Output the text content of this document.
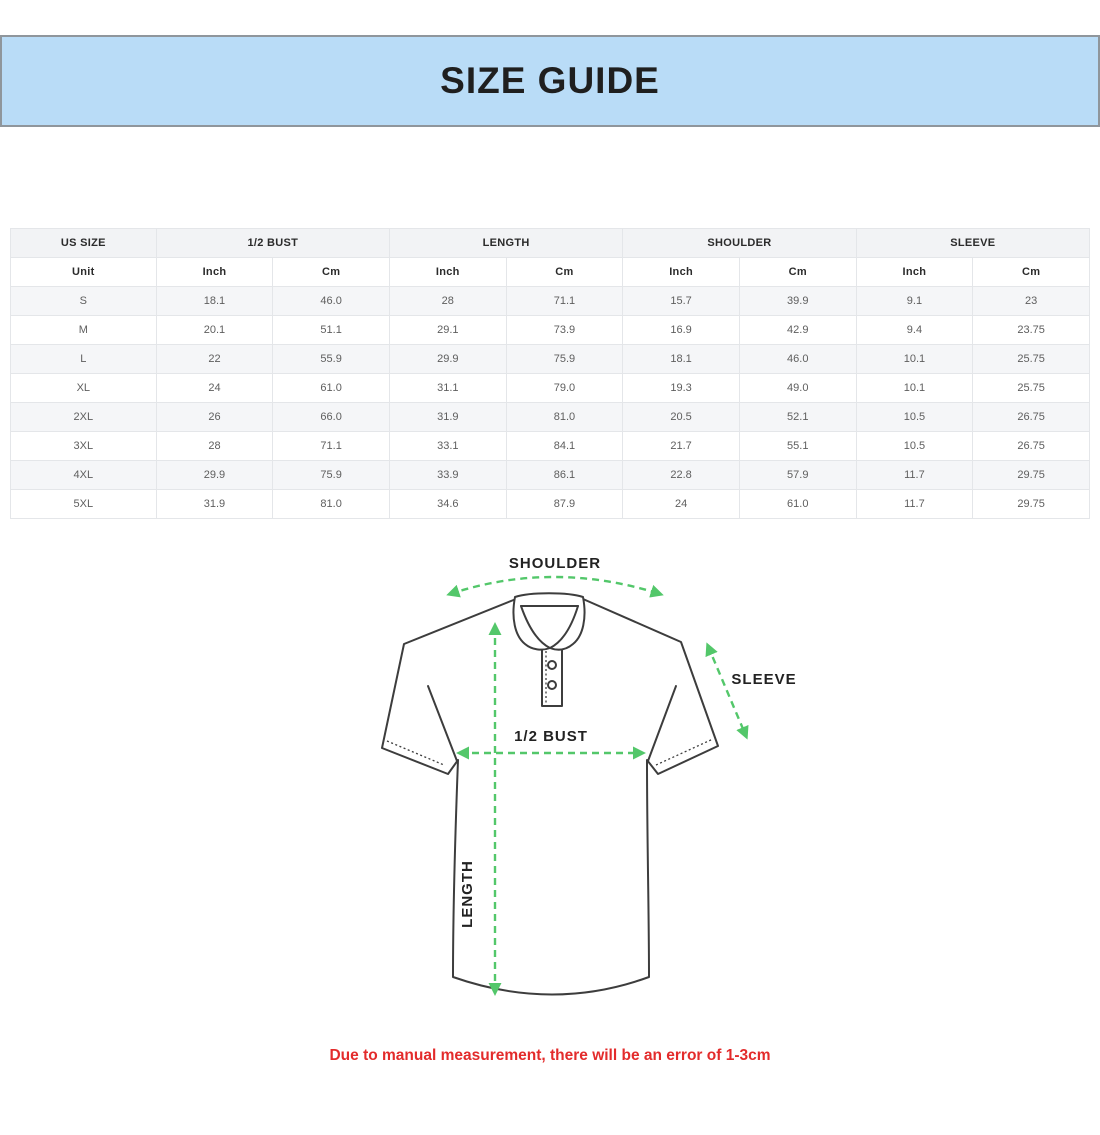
SIZE GUIDE
US SIZE	1/2 BUST		LENGTH		SHOULDER		SLEEVE	
Unit	Inch	Cm	Inch	Cm	Inch	Cm	Inch	Cm
S	18.1	46.0	28	71.1	15.7	39.9	9.1	23
M	20.1	51.1	29.1	73.9	16.9	42.9	9.4	23.75
L	22	55.9	29.9	75.9	18.1	46.0	10.1	25.75
XL	24	61.0	31.1	79.0	19.3	49.0	10.1	25.75
2XL	26	66.0	31.9	81.0	20.5	52.1	10.5	26.75
3XL	28	71.1	33.1	84.1	21.7	55.1	10.5	26.75
4XL	29.9	75.9	33.9	86.1	22.8	57.9	11.7	29.75
5XL	31.9	81.0	34.6	87.9	24	61.0	11.7	29.75
SHOULDER
SLEEVE
1/2 BUST
LENGTH

Due to manual measurement, there will be an error of 1-3cm
